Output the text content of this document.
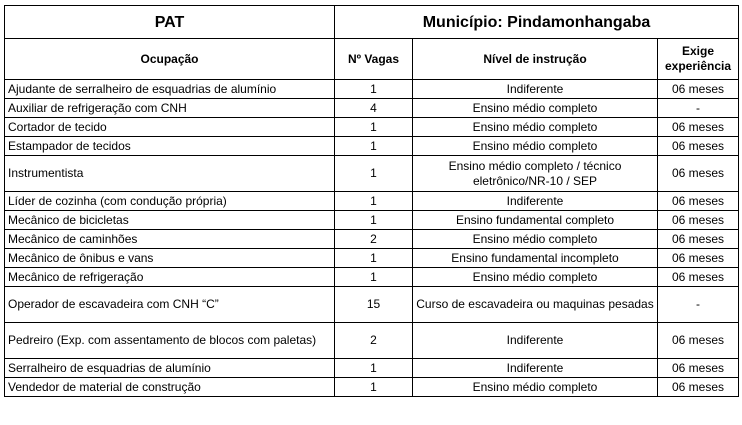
PAT	Município: Pindamonhangaba		
Ocupação	Nº Vagas	Nível de instrução	Exige experiência
Ajudante de serralheiro de esquadrias de alumínio	1	Indiferente	06 meses
Auxiliar de refrigeração com CNH	4	Ensino médio completo	-
Cortador de tecido	1	Ensino médio completo	06 meses
Estampador de tecidos	1	Ensino médio completo	06 meses
Instrumentista	1	Ensino médio completo / técnico eletrônico/NR-10 / SEP	06 meses
Líder de cozinha (com condução própria)	1	Indiferente	06 meses
Mecânico de bicicletas	1	Ensino fundamental completo	06 meses
Mecânico de caminhões	2	Ensino médio completo	06 meses
Mecânico de ônibus e vans	1	Ensino fundamental incompleto	06 meses
Mecânico de refrigeração	1	Ensino médio completo	06 meses
Operador de escavadeira com CNH “C”	15	Curso de escavadeira ou maquinas pesadas	-
Pedreiro (Exp. com assentamento de blocos com paletas)	2	Indiferente	06 meses
Serralheiro de esquadrias de alumínio	1	Indiferente	06 meses
Vendedor de material de construção	1	Ensino médio completo	06 meses
